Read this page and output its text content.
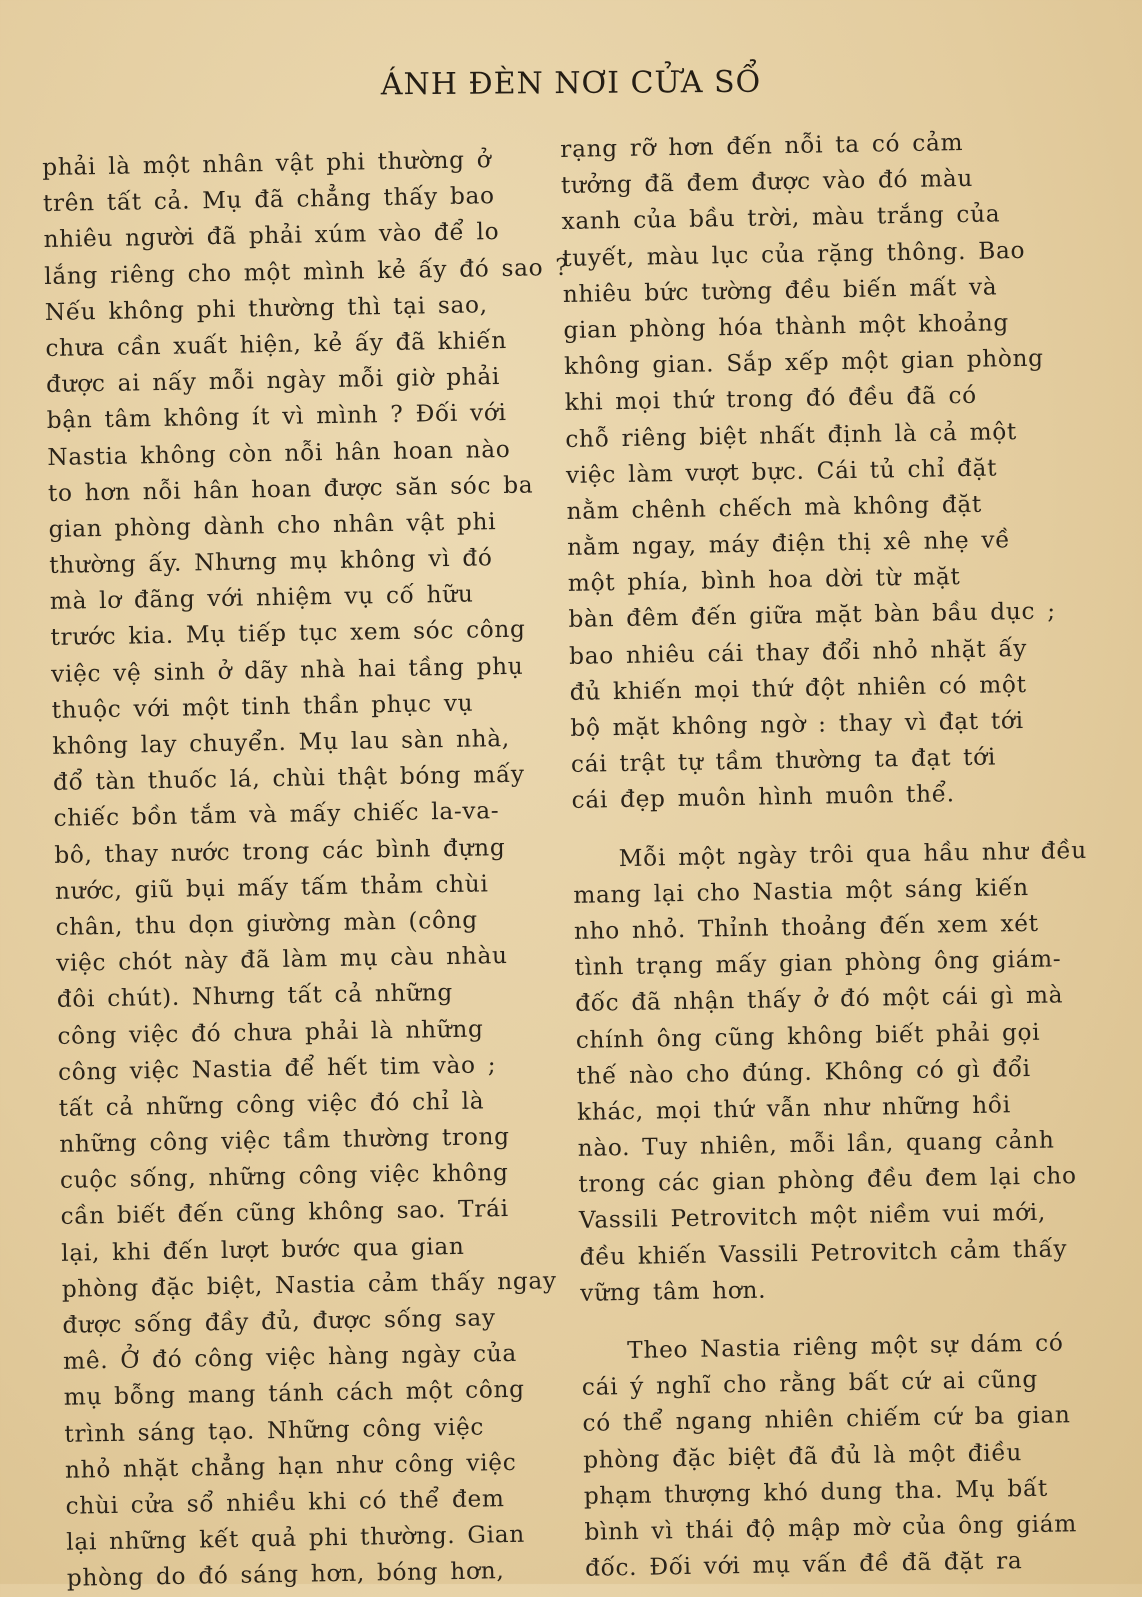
ÁNH ĐÈN NƠI CỬA SỔ
phải là một nhân vật phi thường ở
trên tất cả. Mụ đã chẳng thấy bao
nhiêu người đã phải xúm vào để lo
lắng riêng cho một mình kẻ ấy đó sao ?
Nếu không phi thường thì tại sao,
chưa cần xuất hiện, kẻ ấy đã khiến
được ai nấy mỗi ngày mỗi giờ phải
bận tâm không ít vì mình ? Đối với
Nastia không còn nỗi hân hoan nào
to hơn nỗi hân hoan được săn sóc ba
gian phòng dành cho nhân vật phi
thường ấy. Nhưng mụ không vì đó
mà lơ đãng với nhiệm vụ cố hữu
trước kia. Mụ tiếp tục xem sóc công
việc vệ sinh ở dãy nhà hai tầng phụ
thuộc với một tinh thần phục vụ
không lay chuyển. Mụ lau sàn nhà,
đổ tàn thuốc lá, chùi thật bóng mấy
chiếc bồn tắm và mấy chiếc la-va-
bô, thay nước trong các bình đựng
nước, giũ bụi mấy tấm thảm chùi
chân, thu dọn giường màn (công
việc chót này đã làm mụ càu nhàu
đôi chút). Nhưng tất cả những
công việc đó chưa phải là những
công việc Nastia để hết tim vào ;
tất cả những công việc đó chỉ là
những công việc tầm thường trong
cuộc sống, những công việc không
cần biết đến cũng không sao. Trái
lại, khi đến lượt bước qua gian
phòng đặc biệt, Nastia cảm thấy ngay
được sống đầy đủ, được sống say
mê. Ở đó công việc hàng ngày của
mụ bỗng mang tánh cách một công
trình sáng tạo. Những công việc
nhỏ nhặt chẳng hạn như công việc
chùi cửa sổ nhiều khi có thể đem
lại những kết quả phi thường. Gian
phòng do đó sáng hơn, bóng hơn,
rạng rỡ hơn đến nỗi ta có cảm
tưởng đã đem được vào đó màu
xanh của bầu trời, màu trắng của
tuyết, màu lục của rặng thông. Bao
nhiêu bức tường đều biến mất và
gian phòng hóa thành một khoảng
không gian. Sắp xếp một gian phòng
khi mọi thứ trong đó đều đã có
chỗ riêng biệt nhất định là cả một
việc làm vượt bực. Cái tủ chỉ đặt
nằm chênh chếch mà không đặt
nằm ngay, máy điện thị xê nhẹ về
một phía, bình hoa dời từ mặt
bàn đêm đến giữa mặt bàn bầu dục ;
bao nhiêu cái thay đổi nhỏ nhặt ấy
đủ khiến mọi thứ đột nhiên có một
bộ mặt không ngờ : thay vì đạt tới
cái trật tự tầm thường ta đạt tới
cái đẹp muôn hình muôn thể.
Mỗi một ngày trôi qua hầu như đều
mang lại cho Nastia một sáng kiến
nho nhỏ. Thỉnh thoảng đến xem xét
tình trạng mấy gian phòng ông giám-
đốc đã nhận thấy ở đó một cái gì mà
chính ông cũng không biết phải gọi
thế nào cho đúng. Không có gì đổi
khác, mọi thứ vẫn như những hồi
nào. Tuy nhiên, mỗi lần, quang cảnh
trong các gian phòng đều đem lại cho
Vassili Petrovitch một niềm vui mới,
đều khiến Vassili Petrovitch cảm thấy
vững tâm hơn.
Theo Nastia riêng một sự dám có
cái ý nghĩ cho rằng bất cứ ai cũng
có thể ngang nhiên chiếm cứ ba gian
phòng đặc biệt đã đủ là một điều
phạm thượng khó dung tha. Mụ bất
bình vì thái độ mập mờ của ông giám
đốc. Đối với mụ vấn đề đã đặt ra
